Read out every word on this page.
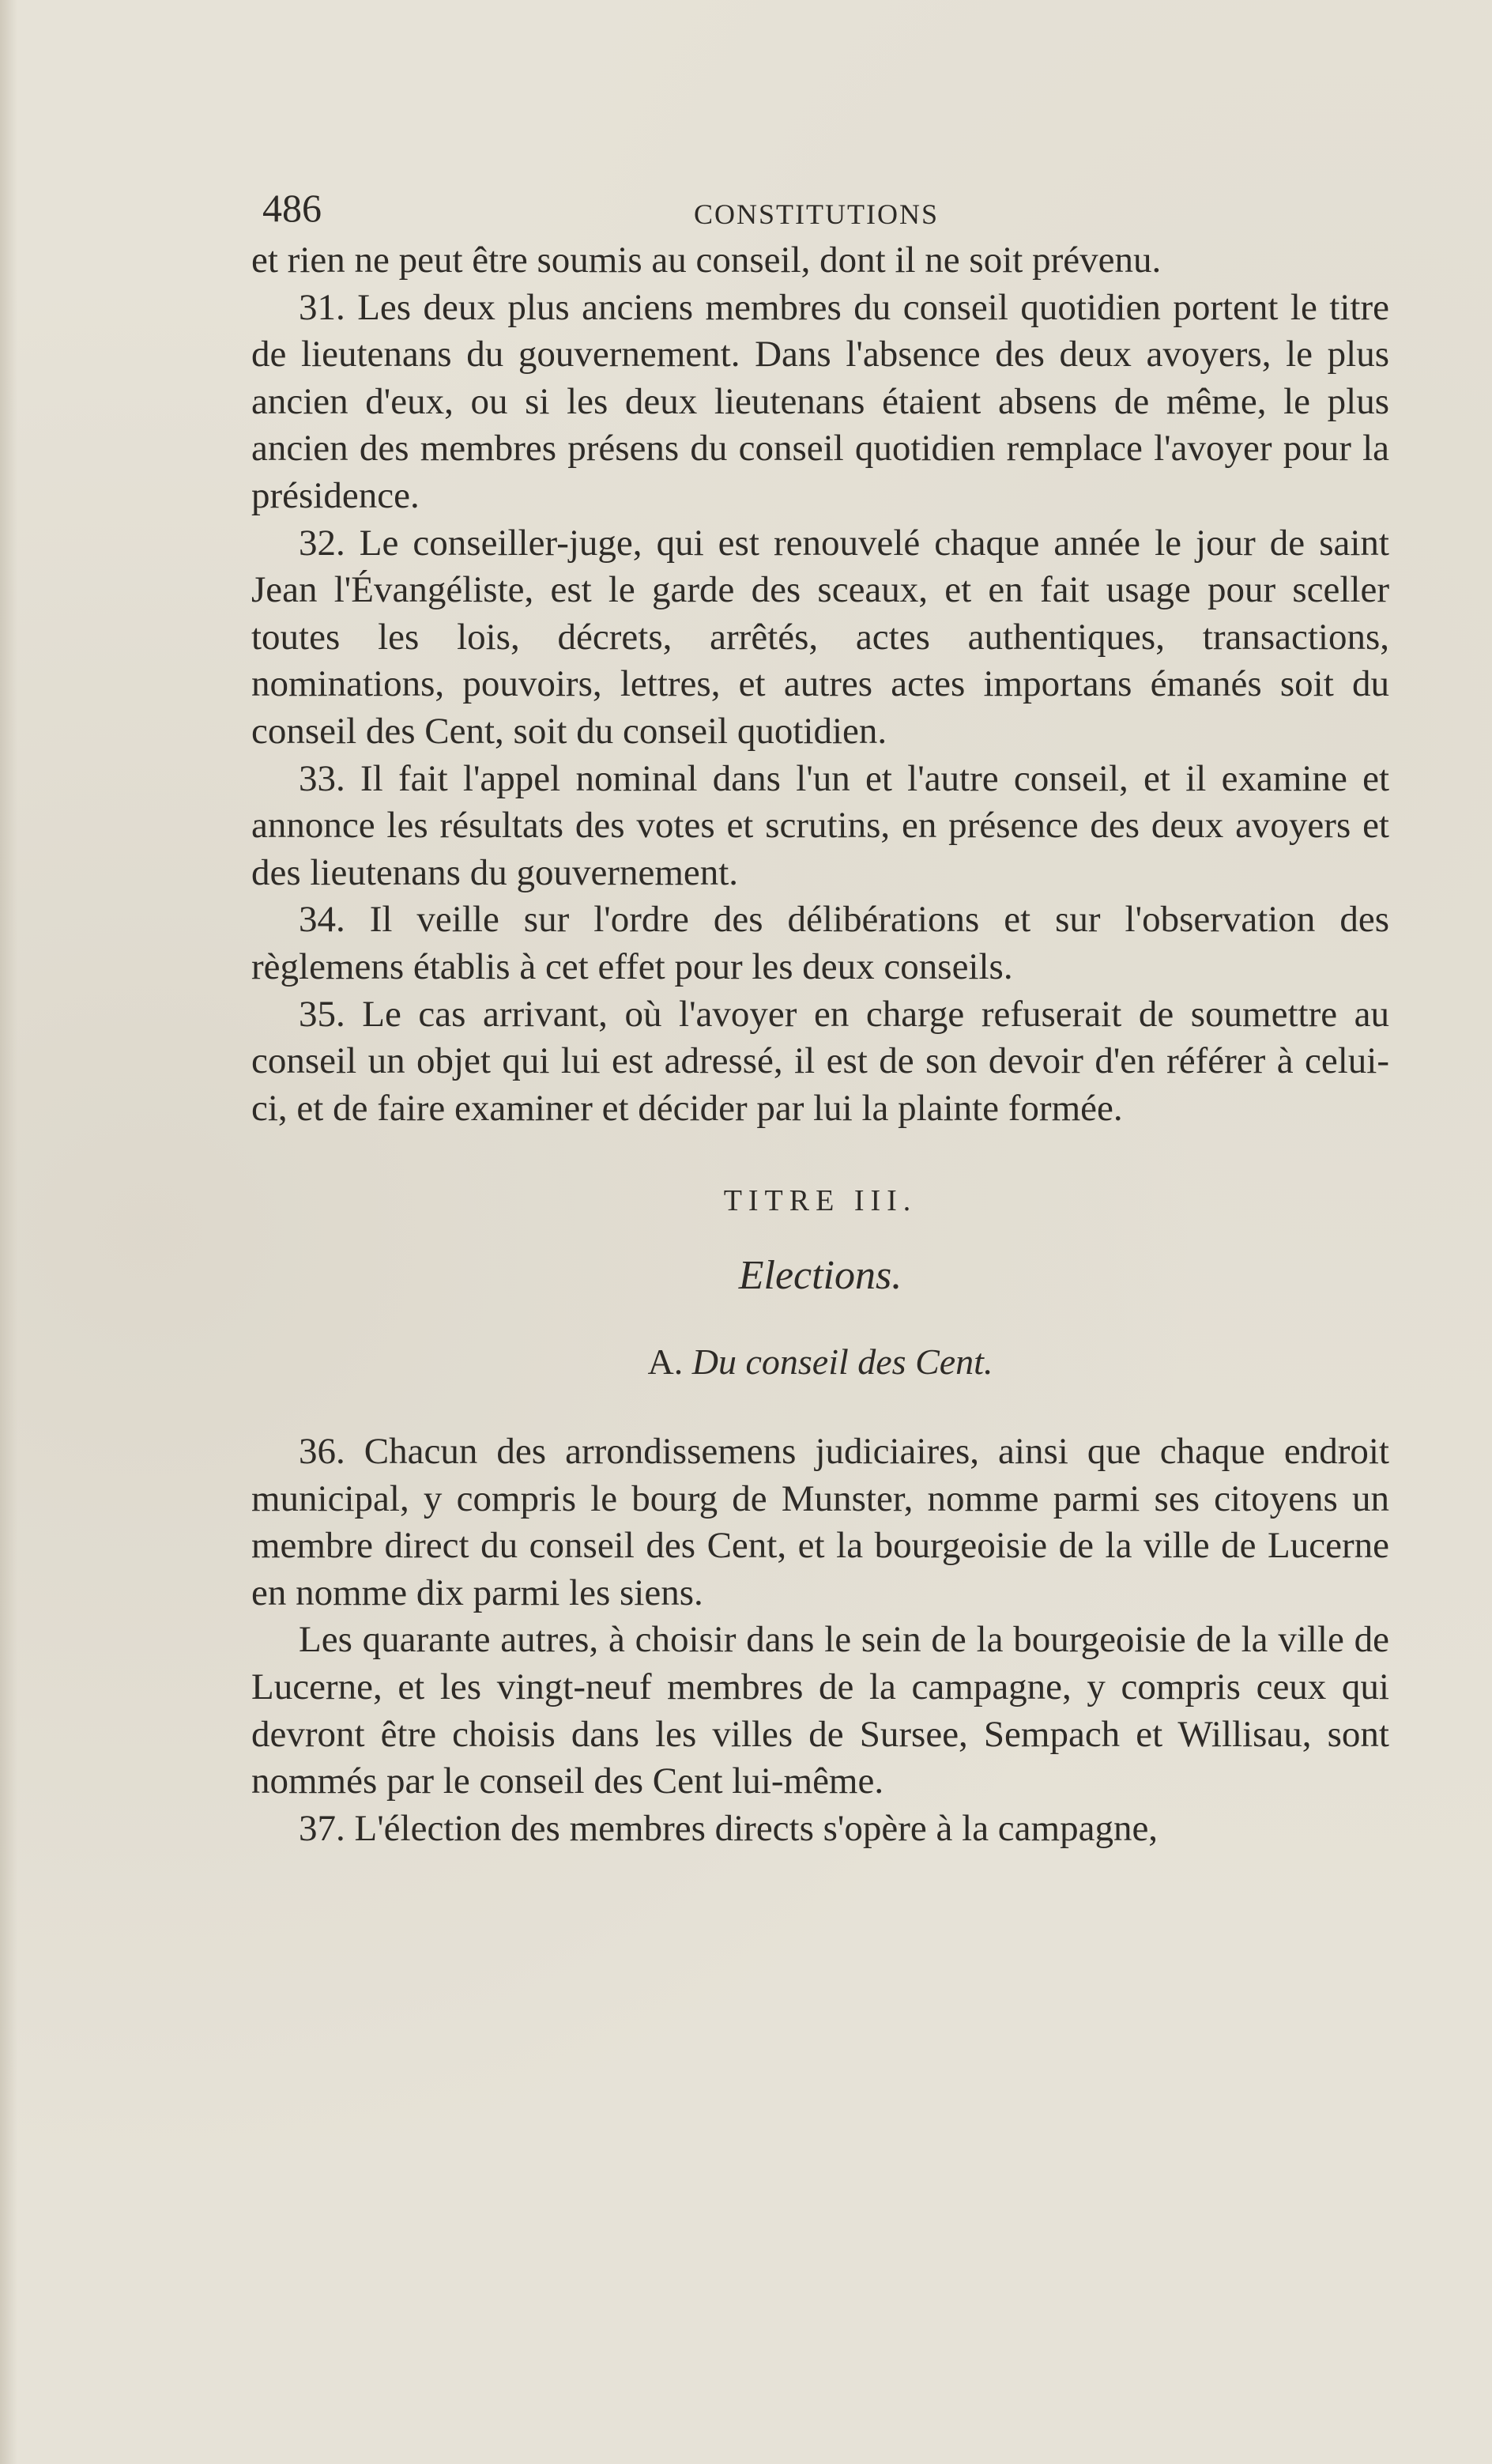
486	CONSTITUTIONS

et rien ne peut être soumis au conseil, dont il ne soit prévenu.

31. Les deux plus anciens membres du conseil quotidien portent le titre de lieutenans du gouvernement. Dans l'absence des deux avoyers, le plus ancien d'eux, ou si les deux lieutenans étaient absens de même, le plus ancien des membres présens du conseil quotidien remplace l'avoyer pour la présidence.

32. Le conseiller-juge, qui est renouvelé chaque année le jour de saint Jean l'Évangéliste, est le garde des sceaux, et en fait usage pour sceller toutes les lois, décrets, arrêtés, actes authentiques, transactions, nominations, pouvoirs, lettres, et autres actes importans émanés soit du conseil des Cent, soit du conseil quotidien.

33. Il fait l'appel nominal dans l'un et l'autre conseil, et il examine et annonce les résultats des votes et scrutins, en présence des deux avoyers et des lieutenans du gouvernement.

34. Il veille sur l'ordre des délibérations et sur l'observation des règlemens établis à cet effet pour les deux conseils.

35. Le cas arrivant, où l'avoyer en charge refuserait de soumettre au conseil un objet qui lui est adressé, il est de son devoir d'en référer à celui-ci, et de faire examiner et décider par lui la plainte formée.

TITRE III.
Elections.
A. Du conseil des Cent.

36. Chacun des arrondissemens judiciaires, ainsi que chaque endroit municipal, y compris le bourg de Munster, nomme parmi ses citoyens un membre direct du conseil des Cent, et la bourgeoisie de la ville de Lucerne en nomme dix parmi les siens.

Les quarante autres, à choisir dans le sein de la bourgeoisie de la ville de Lucerne, et les vingt-neuf membres de la campagne, y compris ceux qui devront être choisis dans les villes de Sursee, Sempach et Willisau, sont nommés par le conseil des Cent lui-même.

37. L'élection des membres directs s'opère à la campagne,
